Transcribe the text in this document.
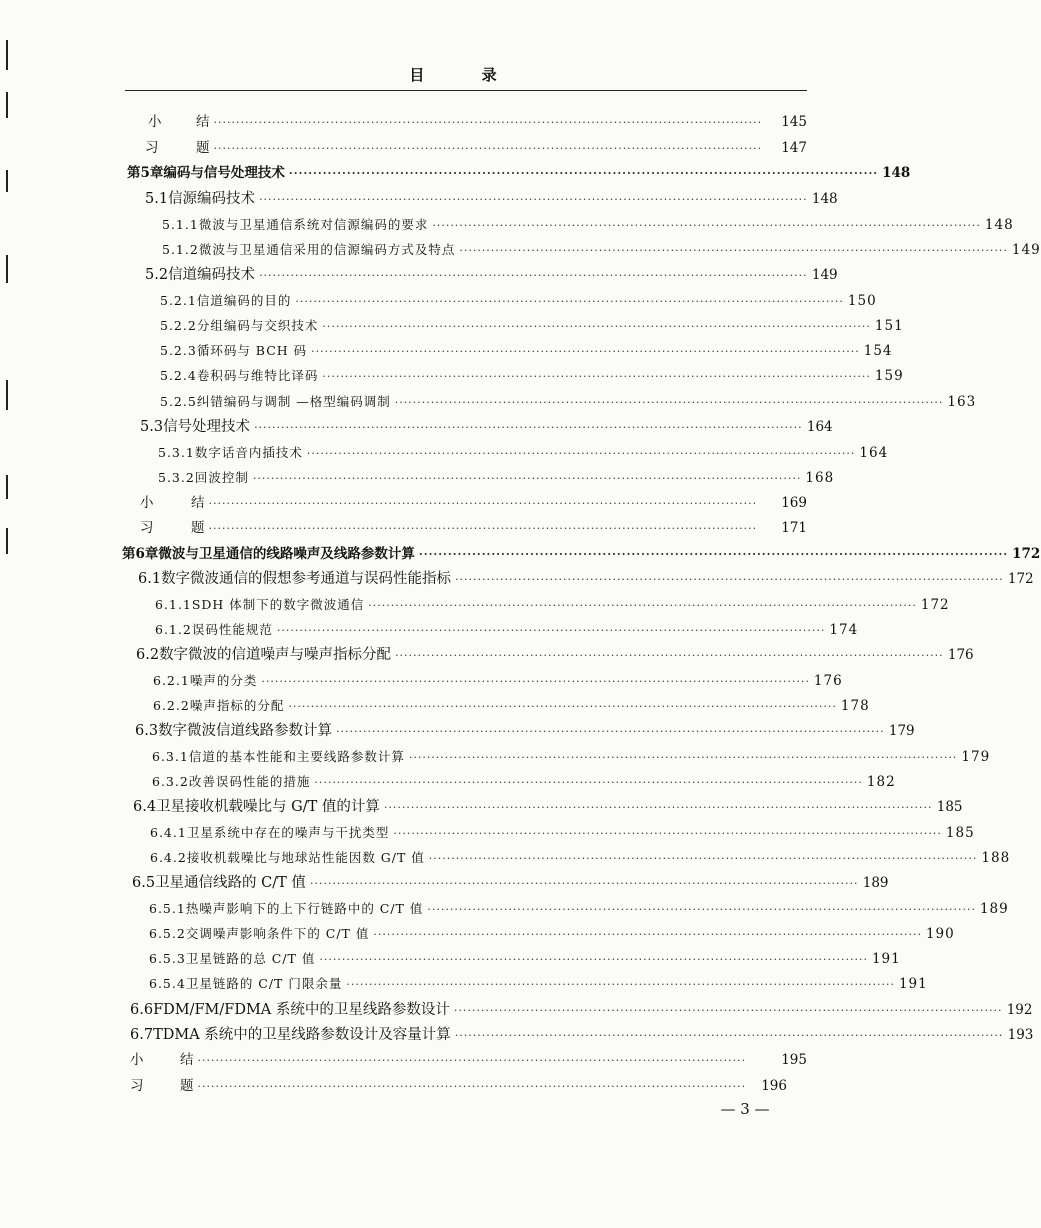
目 录
小	结 ··························································································································	145
习	题 ··························································································································	147
第5章 编码与信号处理技术 ·························································································································· 148
5.1 信源编码技术 ·························································································································· 148
5.1.1 微波与卫星通信系统对信源编码的要求 ·························································································································· 148
5.1.2 微波与卫星通信采用的信源编码方式及特点 ·························································································································· 149
5.2 信道编码技术 ·························································································································· 149
5.2.1 信道编码的目的 ·························································································································· 150
5.2.2 分组编码与交织技术 ·························································································································· 151
5.2.3 循环码与 BCH 码 ·························································································································· 154
5.2.4 卷积码与维特比译码 ·························································································································· 159
5.2.5 纠错编码与调制 —格型编码调制 ·························································································································· 163
5.3 信号处理技术 ·························································································································· 164
5.3.1 数字话音内插技术 ·························································································································· 164
5.3.2 回波控制 ·························································································································· 168
小	结 ··························································································································	169
习	题 ··························································································································	171
第6章 微波与卫星通信的线路噪声及线路参数计算 ·························································································································· 172
6.1 数字微波通信的假想参考通道与误码性能指标 ·························································································································· 172
6.1.1 SDH 体制下的数字微波通信 ·························································································································· 172
6.1.2 误码性能规范 ·························································································································· 174
6.2 数字微波的信道噪声与噪声指标分配 ·························································································································· 176
6.2.1 噪声的分类 ·························································································································· 176
6.2.2 噪声指标的分配 ·························································································································· 178
6.3 数字微波信道线路参数计算 ·························································································································· 179
6.3.1 信道的基本性能和主要线路参数计算 ·························································································································· 179
6.3.2 改善误码性能的措施 ·························································································································· 182
6.4 卫星接收机载噪比与 G/T 值的计算 ·························································································································· 185
6.4.1 卫星系统中存在的噪声与干扰类型 ·························································································································· 185
6.4.2 接收机载噪比与地球站性能因数 G/T 值 ·························································································································· 188
6.5 卫星通信线路的 C/T 值 ·························································································································· 189
6.5.1 热噪声影响下的上下行链路中的 C/T 值 ·························································································································· 189
6.5.2 交调噪声影响条件下的 C/T 值 ·························································································································· 190
6.5.3 卫星链路的总 C/T 值 ·························································································································· 191
6.5.4 卫星链路的 C/T 门限余量 ·························································································································· 191
6.6 FDM/FM/FDMA 系统中的卫星线路参数设计 ·························································································································· 192
6.7 TDMA 系统中的卫星线路参数设计及容量计算 ·························································································································· 193
小	结 ··························································································································	195
习	题 ··························································································································	196
— 3 —
